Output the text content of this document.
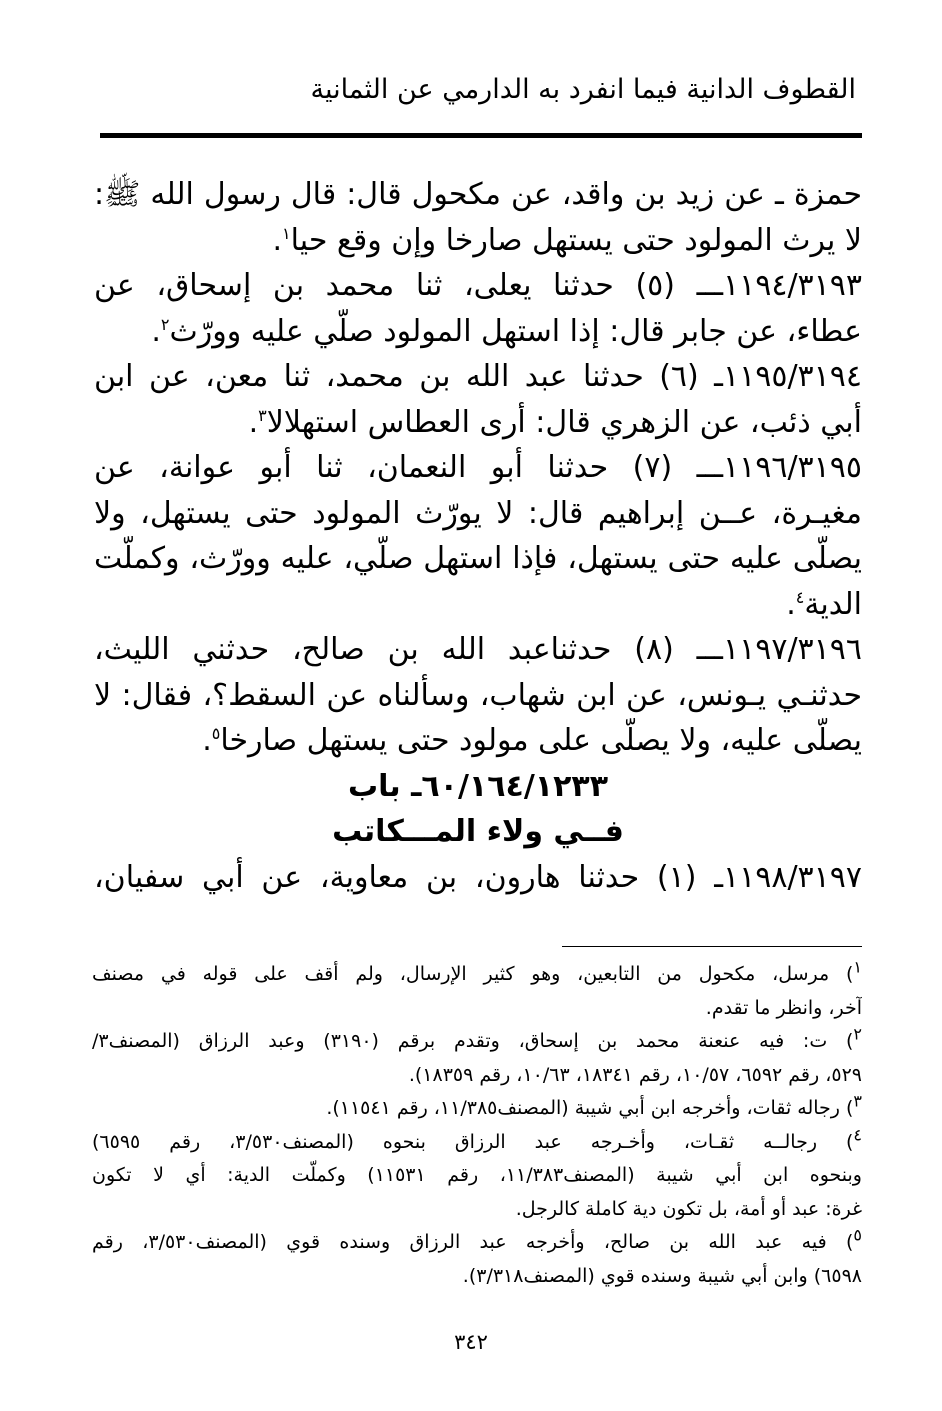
القطوف الدانية فيما انفرد به الدارمي عن الثمانية
حمزة ـ عن زيد بن واقد، عن مكحول قال: قال رسول الله ﷺ:
لا يرث المولود حتى يستهل صارخا وإن وقع حيا$^١$.
١١٩٤/٣١٩٣ـــ (٥) حدثنا يعلى، ثنا محمد بن إسحاق، عن
عطاء، عن جابر قال: إذا استهل المولود صلّي عليه وورّث$^٢$.
١١٩٥/٣١٩٤ـ (٦) حدثنا عبد الله بن محمد، ثنا معن، عن ابن
أبي ذئب، عن الزهري قال: أرى العطاس استهلالا$^٣$.
١١٩٦/٣١٩٥ـــ (٧) حدثنا أبو النعمان، ثنا أبو عوانة، عن
مغيـرة، عــن إبراهيم قال: لا يورّث المولود حتى يستهل، ولا
يصلّى عليه حتى يستهل، فإذا استهل صلّي، عليه وورّث، وكملّت
الدية$^٤$.
١١٩٧/٣١٩٦ـــ (٨) حدثناعبد الله بن صالح، حدثني الليث،
حدثنـي يـونس، عن ابن شهاب، وسألناه عن السقط؟، فقال: لا
يصلّى عليه، ولا يصلّى على مولود حتى يستهل صارخا$^٥$.
٦٠/١٦٤/١٢٣٣ـ باب
فــي ولاء المـــكاتب
١١٩٨/٣١٩٧ـ (١) حدثنا هارون، بن معاوية، عن أبي سفيان،
$^١$) مرسل، مكحول من التابعين، وهو كثير الإرسال، ولم أقف على قوله في مصنف
آخر، وانظر ما تقدم.
$^٢$) ت: فيه عنعنة محمد بن إسحاق، وتقدم برقم (٣١٩٠) وعبد الرزاق (المصنف٣/
٥٢٩، رقم ٦٥٩٢، ١٠/٥٧، رقم ١٨٣٤١، ١٠/٦٣، رقم ١٨٣٥٩).
$^٣$) رجاله ثقات، وأخرجه ابن أبي شيبة (المصنف١١/٣٨٥، رقم ١١٥٤١).
$^٤$) رجالــه ثقـات، وأخـرجه عبد الرزاق بنحوه (المصنف٣/٥٣٠، رقم ٦٥٩٥)
وبنحوه ابن أبي شيبة (المصنف١١/٣٨٣، رقم ١١٥٣١) وكملّت الدية: أي لا تكون
غرة: عبد أو أمة، بل تكون دية كاملة كالرجل.
$^٥$) فيه عبد الله بن صالح، وأخرجه عبد الرزاق وسنده قوي (المصنف٣/٥٣٠، رقم
٦٥٩٨) وابن أبي شيبة وسنده قوي (المصنف٣/٣١٨).
٣٤٢
